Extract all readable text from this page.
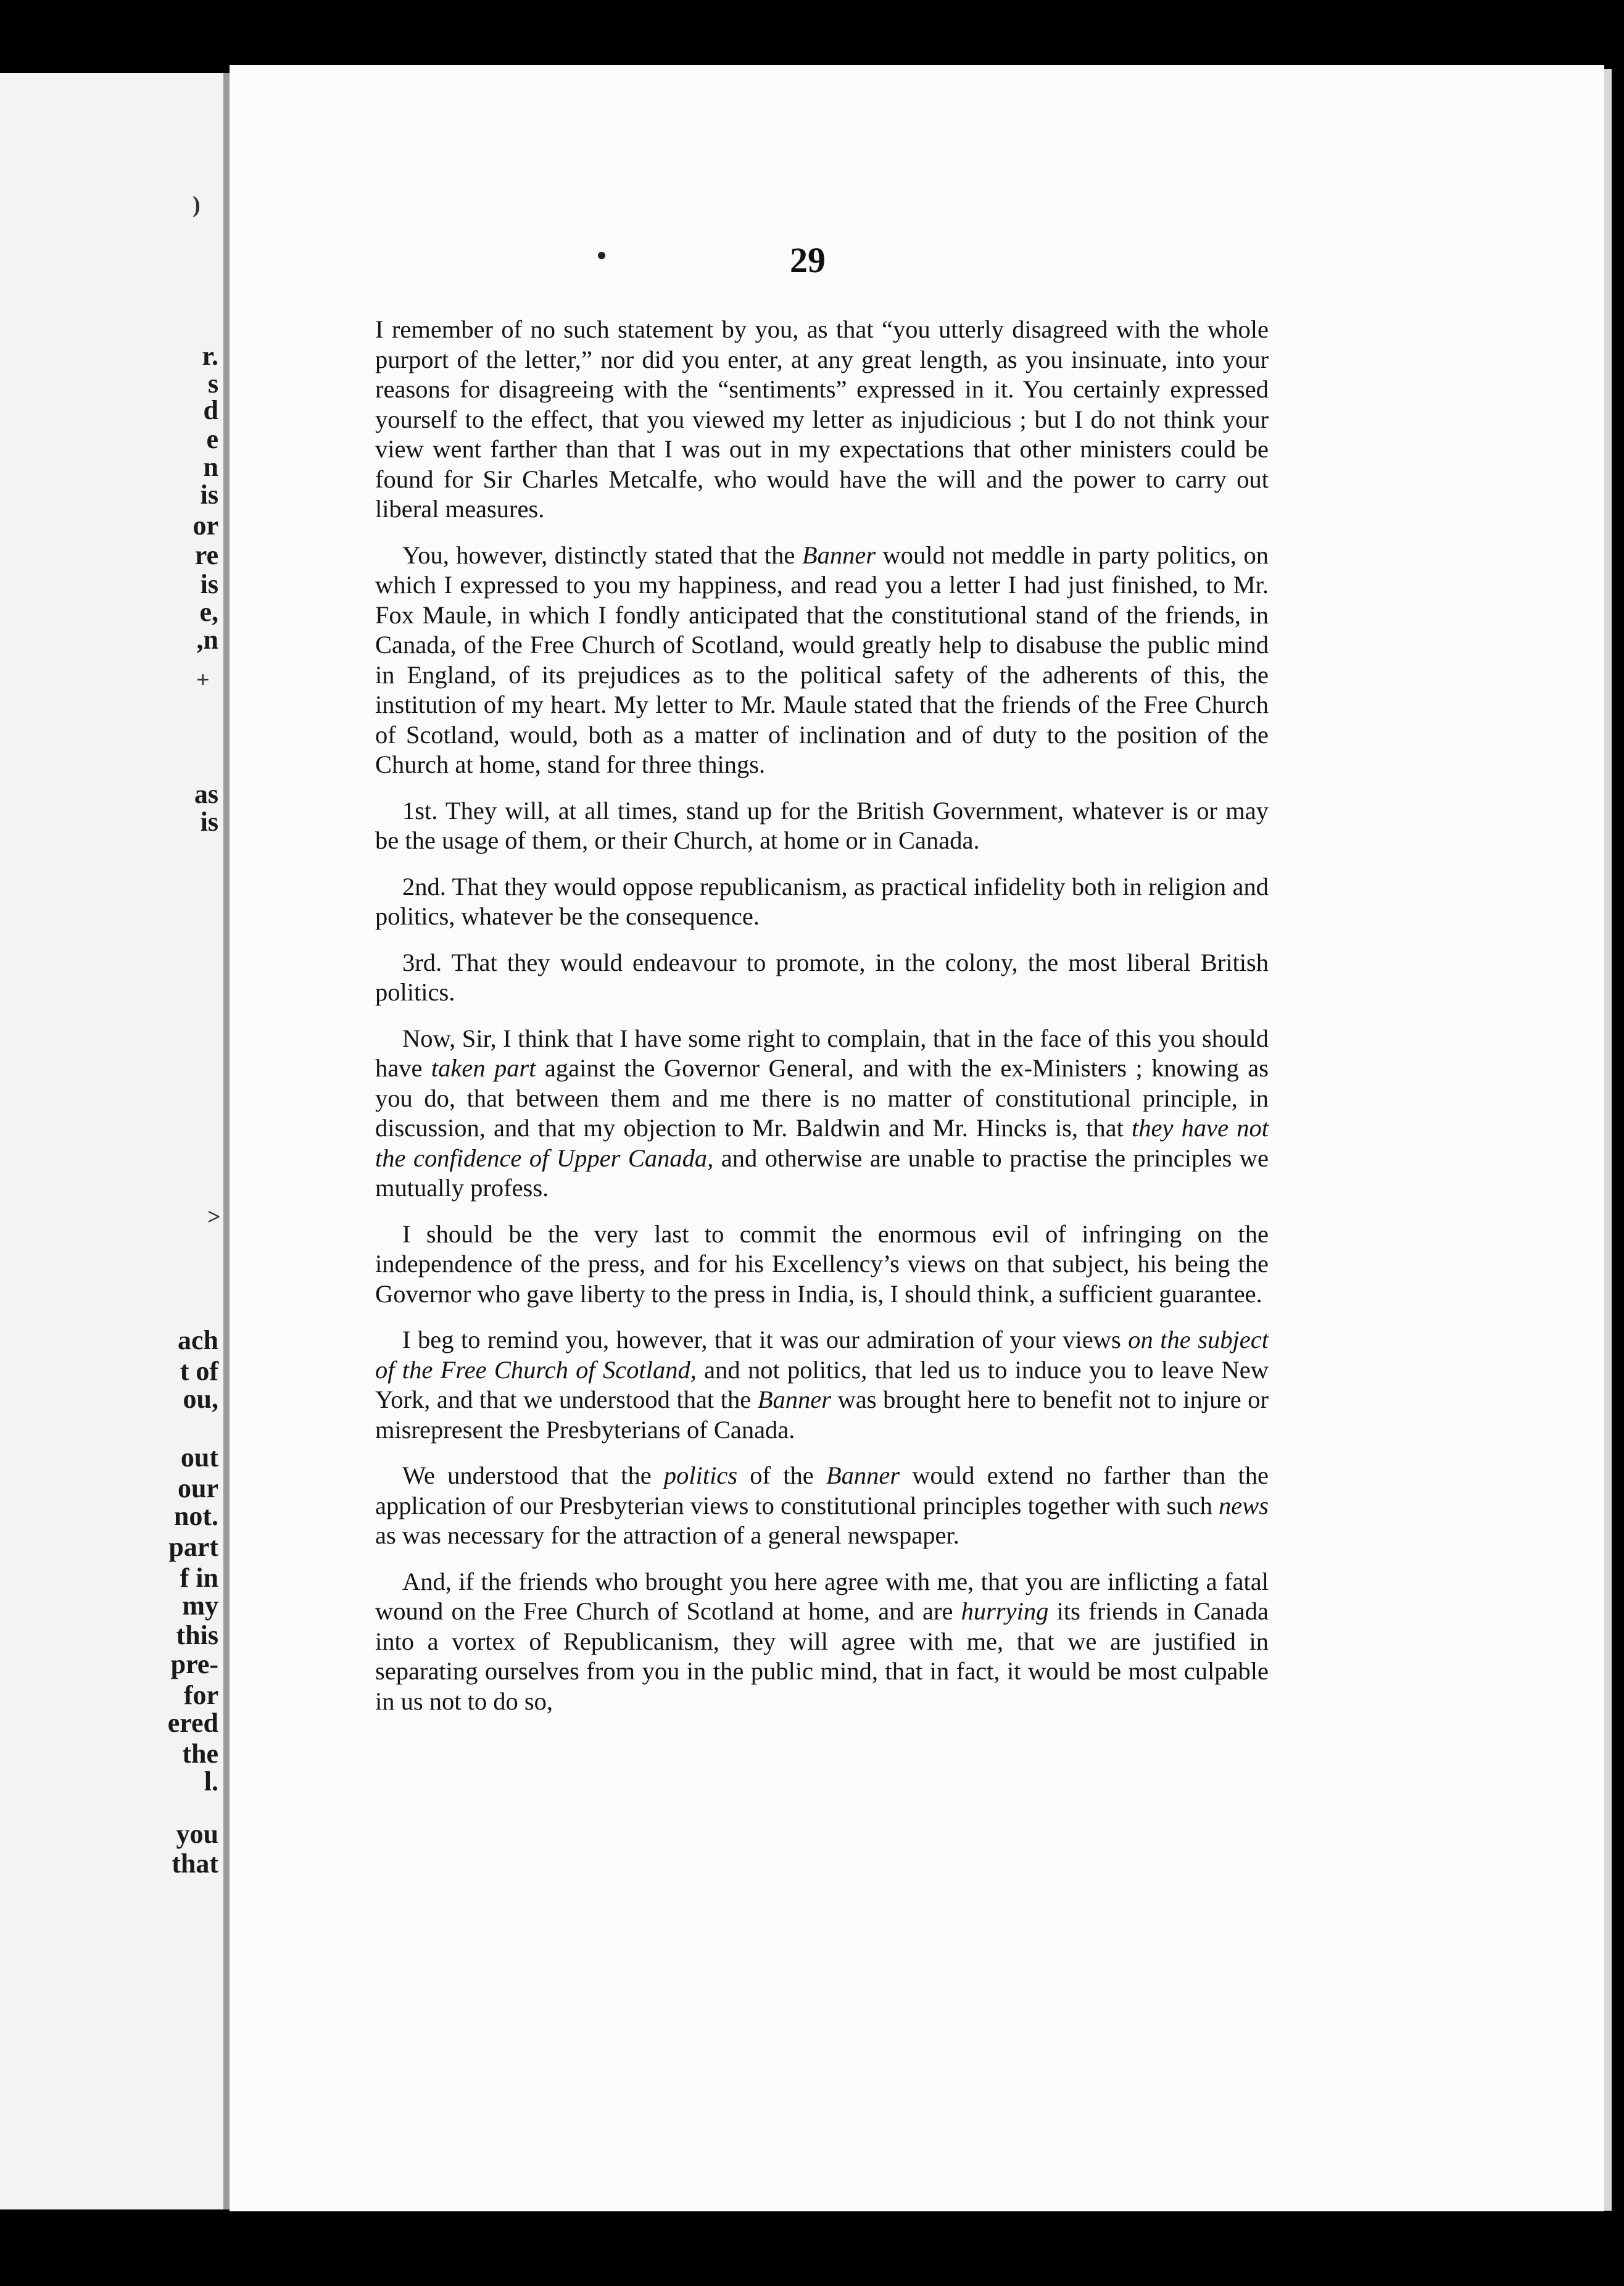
r.
s
d
e
n
is
or
re
is
e,
,n
as
is
ach
t of
ou,
out
our
not.
part
f in
my
this
pre-
for
ered
the
l.
you
that
)
+
>
29

I remember of no such statement by you, as that “you utterly disagreed with the whole purport of the letter,” nor did you enter, at any great length, as you insinuate, into your reasons for disagreeing with the “sentiments” expressed in it. You certainly expressed yourself to the effect, that you viewed my letter as injudicious ; but I do not think your view went farther than that I was out in my expectations that other ministers could be found for Sir Charles Metcalfe, who would have the will and the power to carry out liberal measures.

You, however, distinctly stated that the Banner would not meddle in party politics, on which I expressed to you my happiness, and read you a letter I had just finished, to Mr. Fox Maule, in which I fondly anticipated that the constitutional stand of the friends, in Canada, of the Free Church of Scotland, would greatly help to disabuse the public mind in England, of its prejudices as to the political safety of the adherents of this, the institution of my heart. My letter to Mr. Maule stated that the friends of the Free Church of Scotland, would, both as a matter of inclination and of duty to the position of the Church at home, stand for three things.

1st. They will, at all times, stand up for the British Government, whatever is or may be the usage of them, or their Church, at home or in Canada.

2nd. That they would oppose republicanism, as practical infidelity both in religion and politics, whatever be the consequence.

3rd. That they would endeavour to promote, in the colony, the most liberal British politics.

Now, Sir, I think that I have some right to complain, that in the face of this you should have taken part against the Governor General, and with the ex-Ministers ; knowing as you do, that between them and me there is no matter of constitutional principle, in discussion, and that my objection to Mr. Baldwin and Mr. Hincks is, that they have not the confidence of Upper Canada, and otherwise are unable to practise the principles we mutually profess.

I should be the very last to commit the enormous evil of infringing on the independence of the press, and for his Excellency’s views on that subject, his being the Governor who gave liberty to the press in India, is, I should think, a sufficient guarantee.

I beg to remind you, however, that it was our admiration of your views on the subject of the Free Church of Scotland, and not politics, that led us to induce you to leave New York, and that we understood that the Banner was brought here to benefit not to injure or misrepresent the Presbyterians of Canada.

We understood that the politics of the Banner would extend no farther than the application of our Presbyterian views to constitutional principles together with such news as was necessary for the attraction of a general newspaper.

And, if the friends who brought you here agree with me, that you are inflicting a fatal wound on the Free Church of Scotland at home, and are hurrying its friends in Canada into a vortex of Republicanism, they will agree with me, that we are justified in separating ourselves from you in the public mind, that in fact, it would be most culpable in us not to do so,
